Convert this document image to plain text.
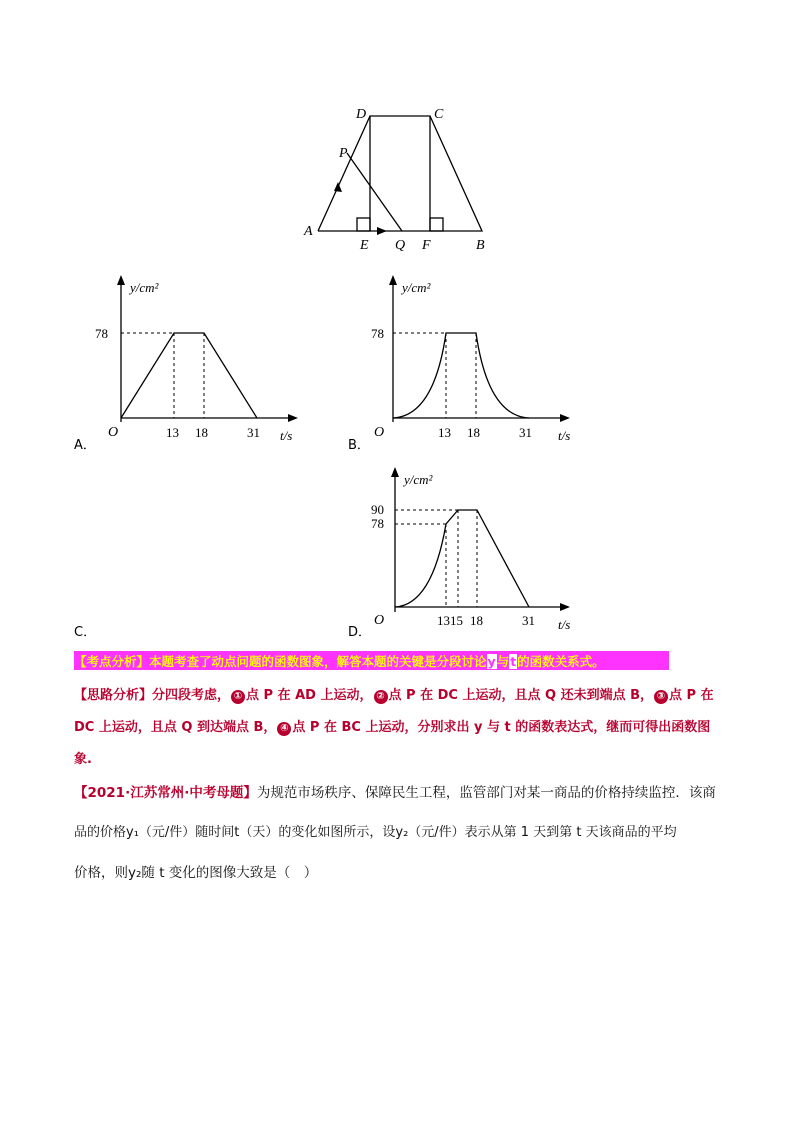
D	C
P
A
E Q F	B
y/cm²
78
O	13 18	31 t/s
A．
y/cm²
78
O	13 18	31 t/s
B．
C．
y/cm²
90
78
O	1315 18	31 t/s
D．
【考点分析】本题考查了动点问题的函数图象，解答本题的关键是分段讨论y与t的函数关系式。
【思路分析】分四段考虑， ① 点 P 在 AD 上运动， ② 点 P 在 DC 上运动，且点 Q 还未到端点 B， ③ 点 P 在
DC 上运动，且点 Q 到达端点 B， ④ 点 P 在 BC 上运动，分别求出 y 与 t 的函数表达式，继而可得出函数图
象.
【2021·江苏常州·中考母题】为规范市场秩序、保障民生工程，监管部门对某一商品的价格持续监控．该商
品的价格y₁（元/件）随时间t（天）的变化如图所示，设y₂（元/件）表示从第 1 天到第 t 天该商品的平均
价格，则y₂随 t 变化的图像大致是（　）
